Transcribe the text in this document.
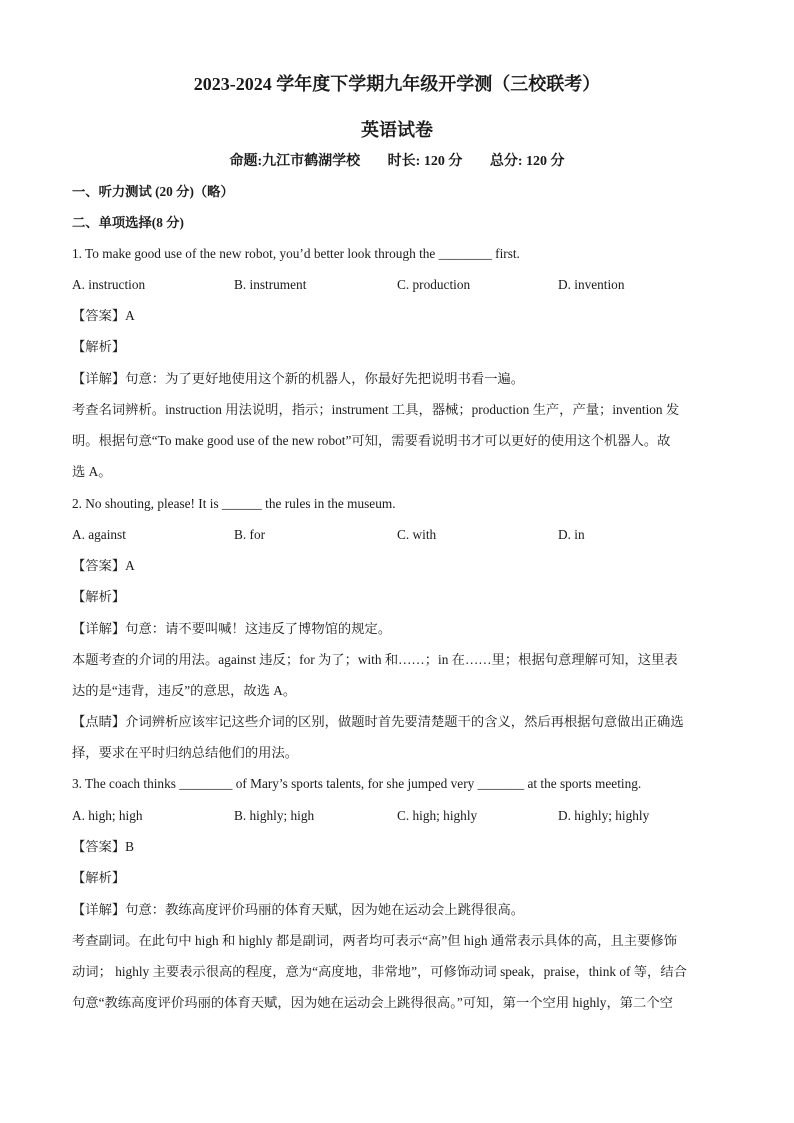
2023-2024 学年度下学期九年级开学测（三校联考）
英语试卷
命题:九江市鹤湖学校 时长: 120 分 总分: 120 分
一、听力测试 (20 分)（略）
二、单项选择(8 分)
1. To make good use of the new robot, you’d better look through the ________ first.
A. instruction	B. instrument	C. production	D. invention
【答案】A
【解析】
【详解】句意：为了更好地使用这个新的机器人，你最好先把说明书看一遍。
考查名词辨析。instruction 用法说明，指示；instrument 工具，器械；production 生产，产量；invention 发
明。根据句意“To make good use of the new robot”可知，需要看说明书才可以更好的使用这个机器人。故
选 A。
2. No shouting, please! It is ______ the rules in the museum.
A. against	B. for	C. with	D. in
【答案】A
【解析】
【详解】句意：请不要叫喊！这违反了博物馆的规定。
本题考查的介词的用法。against 违反；for 为了；with 和……；in 在……里；根据句意理解可知，这里表
达的是“违背，违反”的意思，故选 A。
【点睛】介词辨析应该牢记这些介词的区别，做题时首先要清楚题干的含义，然后再根据句意做出正确选
择，要求在平时归纳总结他们的用法。
3. The coach thinks ________ of Mary’s sports talents, for she jumped very _______ at the sports meeting.
A. high; high	B. highly; high	C. high; highly	D. highly; highly
【答案】B
【解析】
【详解】句意：教练高度评价玛丽的体育天赋，因为她在运动会上跳得很高。
考查副词。在此句中 high 和 highly 都是副词，两者均可表示“高”但 high 通常表示具体的高，且主要修饰
动词； highly 主要表示很高的程度，意为“高度地，非常地”，可修饰动词 speak，praise，think of 等，结合
句意“教练高度评价玛丽的体育天赋，因为她在运动会上跳得很高。”可知，第一个空用 highly，第二个空
